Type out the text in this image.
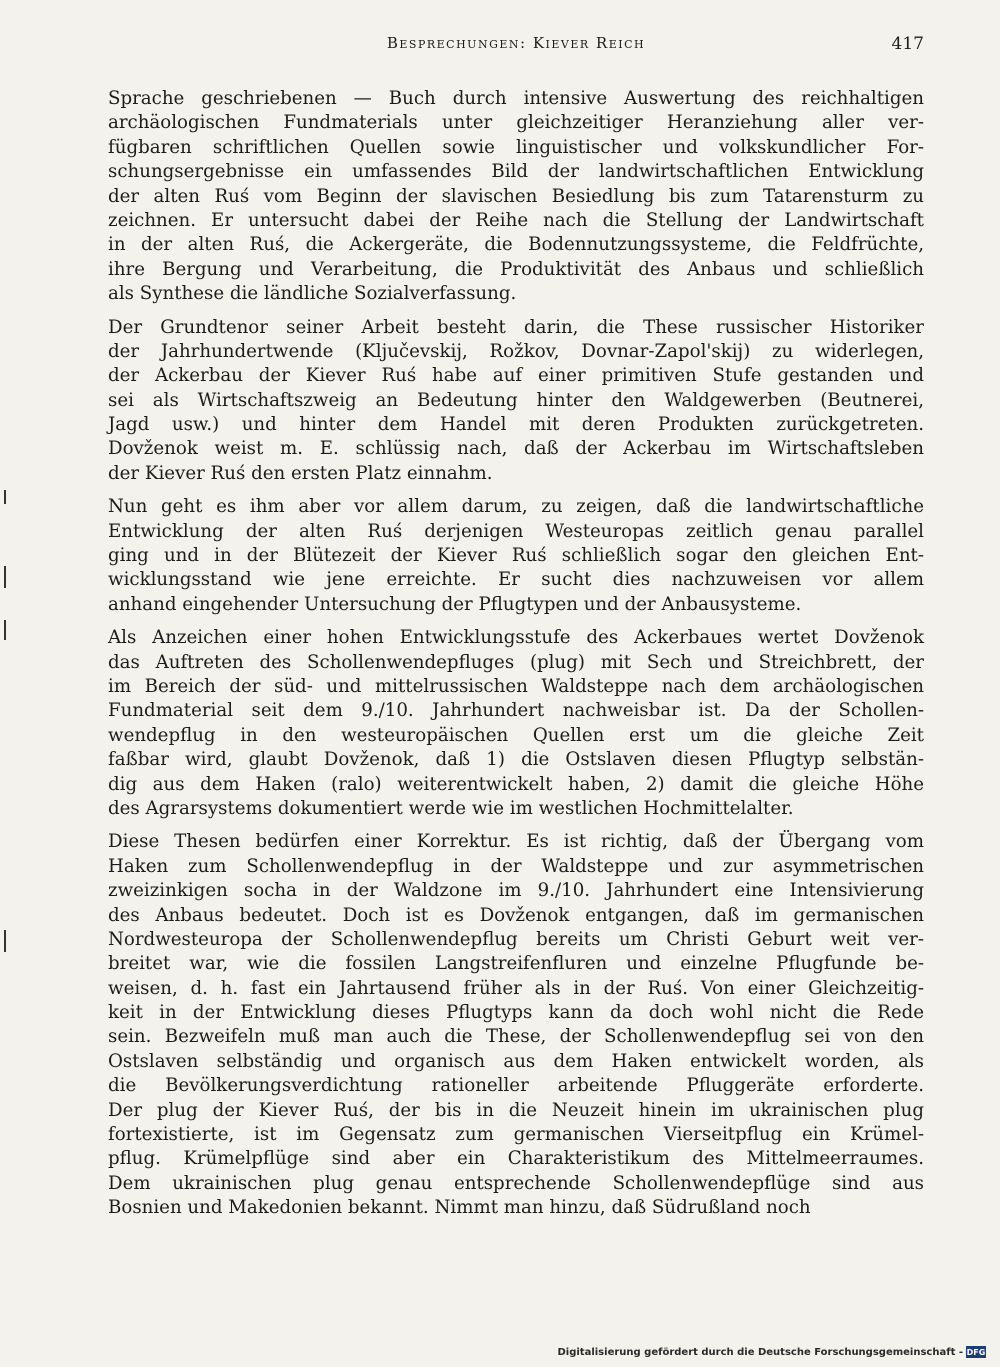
Besprechungen: Kiever Reich	417
Sprache geschriebenen — Buch durch intensive Auswertung des reichhaltigen
archäologischen Fundmaterials unter gleichzeitiger Heranziehung aller ver-
fügbaren schriftlichen Quellen sowie linguistischer und volkskundlicher For-
schungsergebnisse ein umfassendes Bild der landwirtschaftlichen Entwicklung
der alten Ruś vom Beginn der slavischen Besiedlung bis zum Tatarensturm zu
zeichnen. Er untersucht dabei der Reihe nach die Stellung der Landwirtschaft
in der alten Ruś, die Ackergeräte, die Bodennutzungssysteme, die Feldfrüchte,
ihre Bergung und Verarbeitung, die Produktivität des Anbaus und schließlich
als Synthese die ländliche Sozialverfassung.
Der Grundtenor seiner Arbeit besteht darin, die These russischer Historiker
der Jahrhundertwende (Ključevskij, Rožkov, Dovnar-Zapol'skij) zu widerlegen,
der Ackerbau der Kiever Ruś habe auf einer primitiven Stufe gestanden und
sei als Wirtschaftszweig an Bedeutung hinter den Waldgewerben (Beutnerei,
Jagd usw.) und hinter dem Handel mit deren Produkten zurückgetreten.
Dovženok weist m. E. schlüssig nach, daß der Ackerbau im Wirtschaftsleben
der Kiever Ruś den ersten Platz einnahm.
Nun geht es ihm aber vor allem darum, zu zeigen, daß die landwirtschaftliche
Entwicklung der alten Ruś derjenigen Westeuropas zeitlich genau parallel
ging und in der Blütezeit der Kiever Ruś schließlich sogar den gleichen Ent-
wicklungsstand wie jene erreichte. Er sucht dies nachzuweisen vor allem
anhand eingehender Untersuchung der Pflugtypen und der Anbausysteme.
Als Anzeichen einer hohen Entwicklungsstufe des Ackerbaues wertet Dovženok
das Auftreten des Schollenwendepfluges (plug) mit Sech und Streichbrett, der
im Bereich der süd- und mittelrussischen Waldsteppe nach dem archäologischen
Fundmaterial seit dem 9./10. Jahrhundert nachweisbar ist. Da der Schollen-
wendepflug in den westeuropäischen Quellen erst um die gleiche Zeit
faßbar wird, glaubt Dovženok, daß 1) die Ostslaven diesen Pflugtyp selbstän-
dig aus dem Haken (ralo) weiterentwickelt haben, 2) damit die gleiche Höhe
des Agrarsystems dokumentiert werde wie im westlichen Hochmittelalter.
Diese Thesen bedürfen einer Korrektur. Es ist richtig, daß der Übergang vom
Haken zum Schollenwendepflug in der Waldsteppe und zur asymmetrischen
zweizinkigen socha in der Waldzone im 9./10. Jahrhundert eine Intensivierung
des Anbaus bedeutet. Doch ist es Dovženok entgangen, daß im germanischen
Nordwesteuropa der Schollenwendepflug bereits um Christi Geburt weit ver-
breitet war, wie die fossilen Langstreifenfluren und einzelne Pflugfunde be-
weisen, d. h. fast ein Jahrtausend früher als in der Ruś. Von einer Gleichzeitig-
keit in der Entwicklung dieses Pflugtyps kann da doch wohl nicht die Rede
sein. Bezweifeln muß man auch die These, der Schollenwendepflug sei von den
Ostslaven selbständig und organisch aus dem Haken entwickelt worden, als
die Bevölkerungsverdichtung rationeller arbeitende Pfluggeräte erforderte.
Der plug der Kiever Ruś, der bis in die Neuzeit hinein im ukrainischen plug
fortexistierte, ist im Gegensatz zum germanischen Vierseitpflug ein Krümel-
pflug. Krümelpflüge sind aber ein Charakteristikum des Mittelmeerraumes.
Dem ukrainischen plug genau entsprechende Schollenwendepflüge sind aus
Bosnien und Makedonien bekannt. Nimmt man hinzu, daß Südrußland noch
Digitalisierung gefördert durch die Deutsche Forschungsgemeinschaft - DFG
